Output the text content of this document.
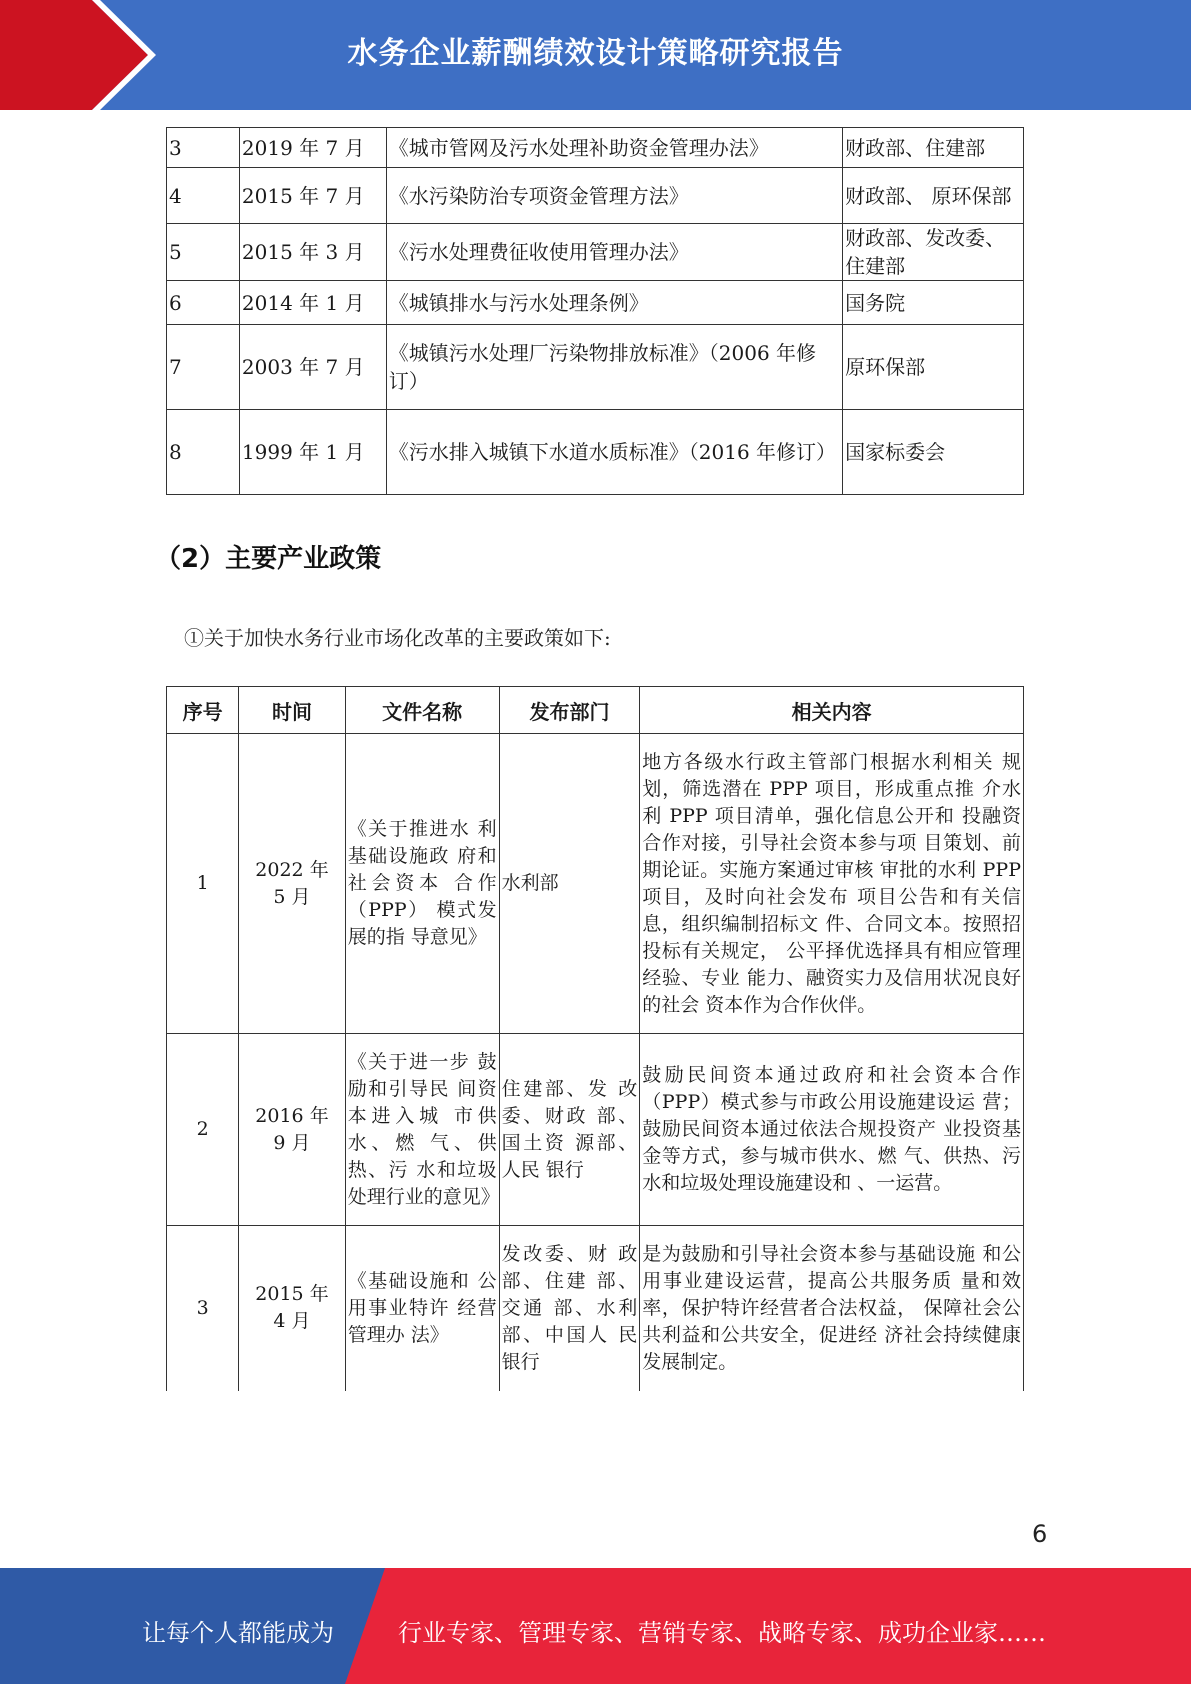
水务企业薪酬绩效设计策略研究报告
3	2019 年 7 月	《城市管网及污水处理补助资金管理办法》	财政部、住建部
4	2015 年 7 月	《水污染防治专项资金管理方法》	财政部、 原环保部
5	2015 年 3 月	《污水处理费征收使用管理办法》	财政部、发改委、住建部
6	2014 年 1 月	《城镇排水与污水处理条例》	国务院
7	2003 年 7 月	《城镇污水处理厂污染物排放标准》（2006 年修订）	原环保部
8	1999 年 1 月	《污水排入城镇下水道水质标准》（2016 年修订）	国家标委会
（2）主要产业政策
①关于加快水务行业市场化改革的主要政策如下:
序号	时间	文件名称	发布部门	相关内容
1	2022 年 5 月	《关于推进水 利基础设施政 府和社会资本 合作（PPP） 模式发展的指 导意见》	水利部	地方各级水行政主管部门根据水利相关 规划，筛选潜在 PPP 项目，形成重点推 介水利 PPP 项目清单，强化信息公开和 投融资合作对接，引导社会资本参与项 目策划、前期论证。实施方案通过审核 审批的水利 PPP 项目，及时向社会发布 项目公告和有关信息，组织编制招标文 件、合同文本。按照招投标有关规定， 公平择优选择具有相应管理经验、专业 能力、融资实力及信用状况良好的社会 资本作为合作伙伴。
2	2016 年 9 月	《关于进一步 鼓励和引导民 间资本进入城 市供水、燃 气、供热、污 水和垃圾处理行业的意见》	住建部、发 改委、财政 部、国土资 源部、人民 银行	鼓励民间资本通过政府和社会资本合作（PPP）模式参与市政公用设施建设运 营；鼓励民间资本通过依法合规投资产 业投资基金等方式，参与城市供水、燃 气、供热、污水和垃圾处理设施建设和 、一运营。
3	2015 年 4 月	《基础设施和 公用事业特许 经营管理办 法》	发改委、财 政部、住建 部、交通 部、水利部、中国人 民银行	是为鼓励和引导社会资本参与基础设施 和公用事业建设运营，提高公共服务质 量和效率，保护特许经营者合法权益， 保障社会公共利益和公共安全，促进经 济社会持续健康发展制定。
6
让每个人都能成为	行业专家、管理专家、营销专家、战略专家、成功企业家……
